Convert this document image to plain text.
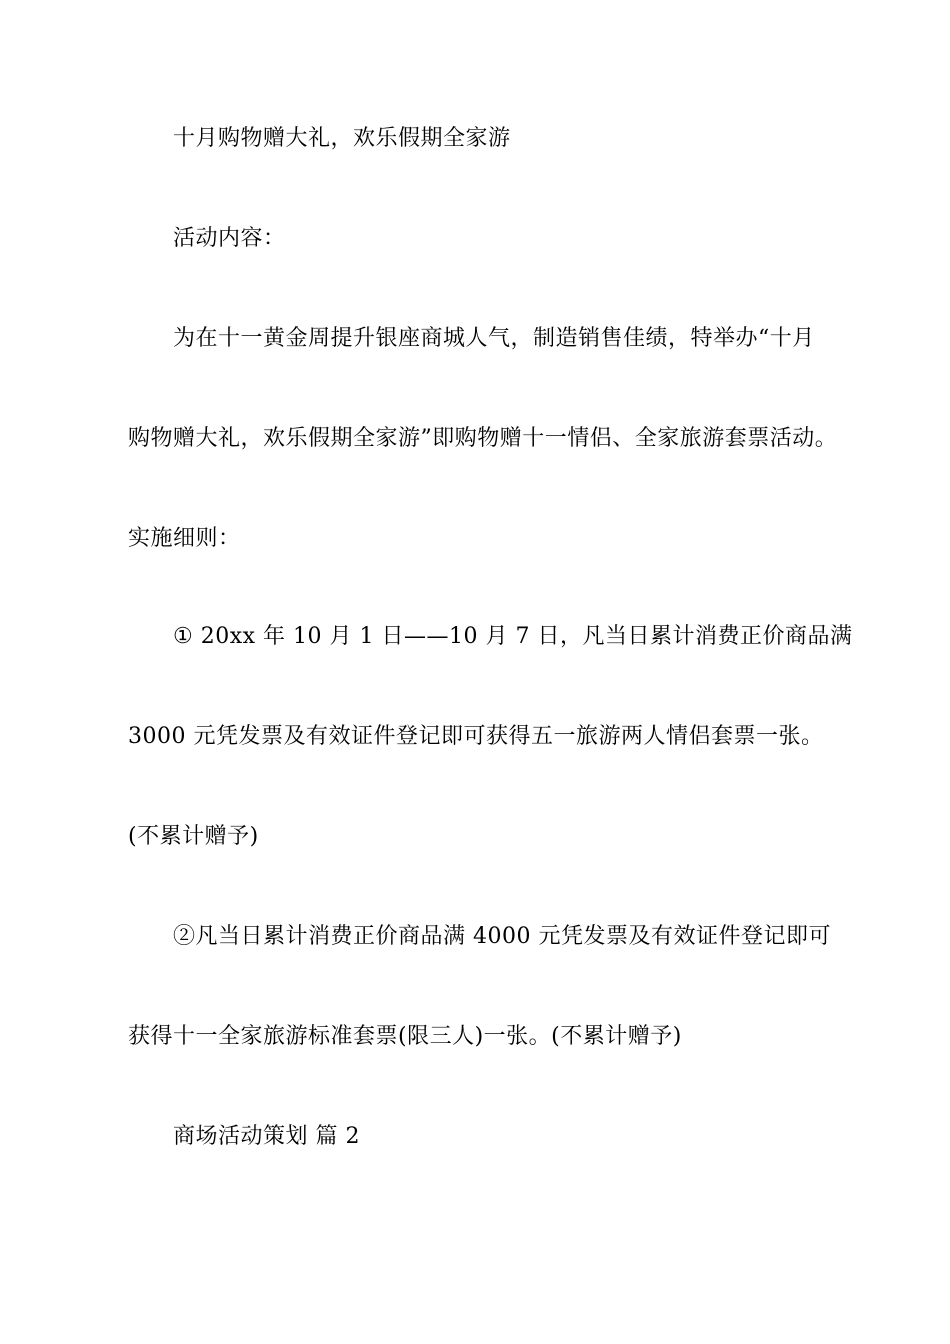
十月购物赠大礼，欢乐假期全家游
活动内容：
为在十一黄金周提升银座商城人气，制造销售佳绩，特举办“十月
购物赠大礼，欢乐假期全家游”即购物赠十一情侣、全家旅游套票活动。
实施细则：
① 20xx 年 10 月 1 日——10 月 7 日，凡当日累计消费正价商品满
3000 元凭发票及有效证件登记即可获得五一旅游两人情侣套票一张。
(不累计赠予)
②凡当日累计消费正价商品满 4000 元凭发票及有效证件登记即可
获得十一全家旅游标准套票(限三人)一张。(不累计赠予)
商场活动策划 篇 2
